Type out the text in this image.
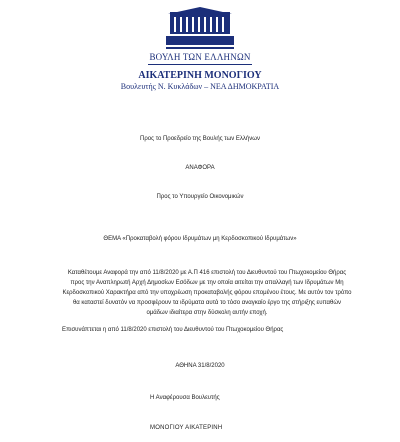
ΒΟΥΛΗ ΤΩΝ ΕΛΛΗΝΩΝ
ΑΙΚΑΤΕΡΙΝΗ ΜΟΝΟΓΙΟΥ
Βουλευτής Ν. Κυκλάδων – ΝΕΑ ΔΗΜΟΚΡΑΤΙΑ
Προς το Προεδρείο της Βουλής των Ελλήνων
ΑΝΑΦΟΡΑ
Προς το Υπουργείο Οικονομικών
ΘΕΜΑ «Προκαταβολή φόρου Ιδρυμάτων μη Κερδοσκοπικού Ιδρυμάτων»
Καταθέτουμε Αναφορά την από 11/8/2020 με Α.Π 416 επιστολή του Διευθυντού του Πτωχοκομείου Θήρας προς την Αναπληρωτή Αρχή Δημοσίων Εσόδων με την οποία αιτείται την απαλλαγή των Ιδρυμάτων Μη Κερδοσκοπικού Χαρακτήρα από την υποχρέωση προκαταβολής φόρου επομένου έτους. Με αυτόν τον τρόπο θα καταστεί δυνατόν να προσφέρουν τα ιδρύματα αυτά το τόσο αναγκαίο έργο της στήριξης ευπαθών ομάδων ιδιαίτερα στην δύσκολη αυτήν εποχή.
Επισυνάπτεται η από 11/8/2020 επιστολή του Διευθυντού του Πτωχοκομείου Θήρας
ΑΘΗΝΑ 31/8/2020
Η Αναφέρουσα Βουλευτής
ΜΟΝΟΓΙΟΥ ΑΙΚΑΤΕΡΙΝΗ
